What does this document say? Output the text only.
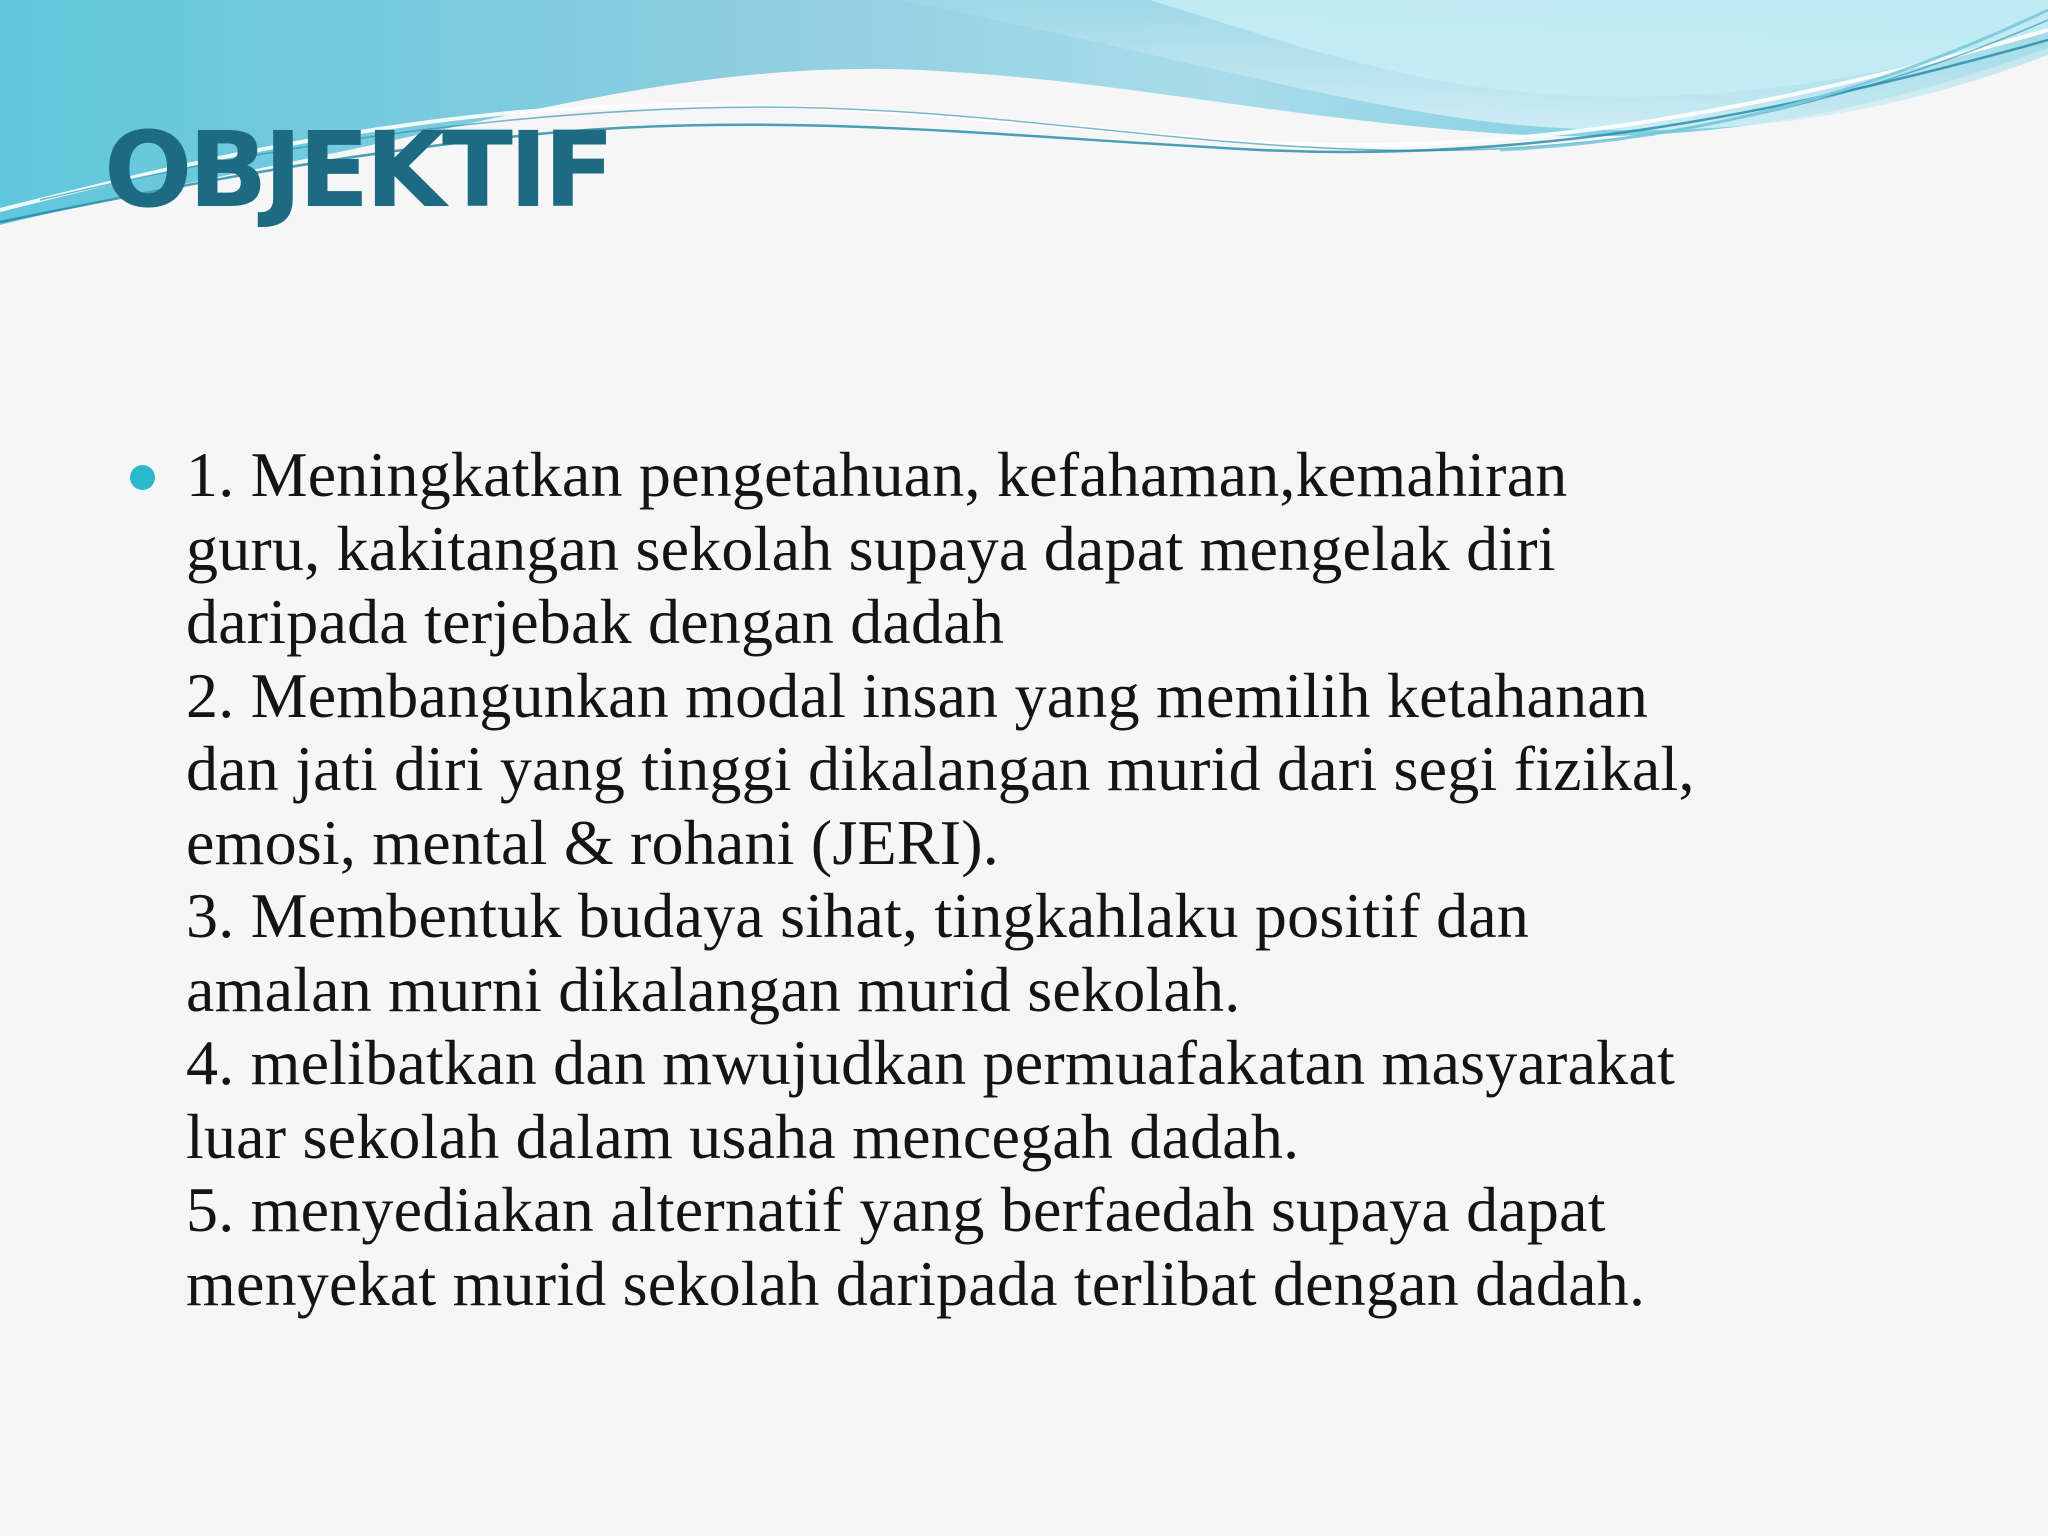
OBJEKTIF
1. Meningkatkan pengetahuan, kefahaman,kemahiran
guru, kakitangan sekolah supaya dapat mengelak diri
daripada terjebak dengan dadah
2. Membangunkan modal insan yang memilih ketahanan
dan jati diri yang tinggi dikalangan murid dari segi fizikal,
emosi, mental & rohani (JERI).
3. Membentuk budaya sihat, tingkahlaku positif dan
amalan murni dikalangan murid sekolah.
4. melibatkan dan mwujudkan permuafakatan masyarakat
luar sekolah dalam usaha mencegah dadah.
5. menyediakan alternatif yang berfaedah supaya dapat
menyekat murid sekolah daripada terlibat dengan dadah.
